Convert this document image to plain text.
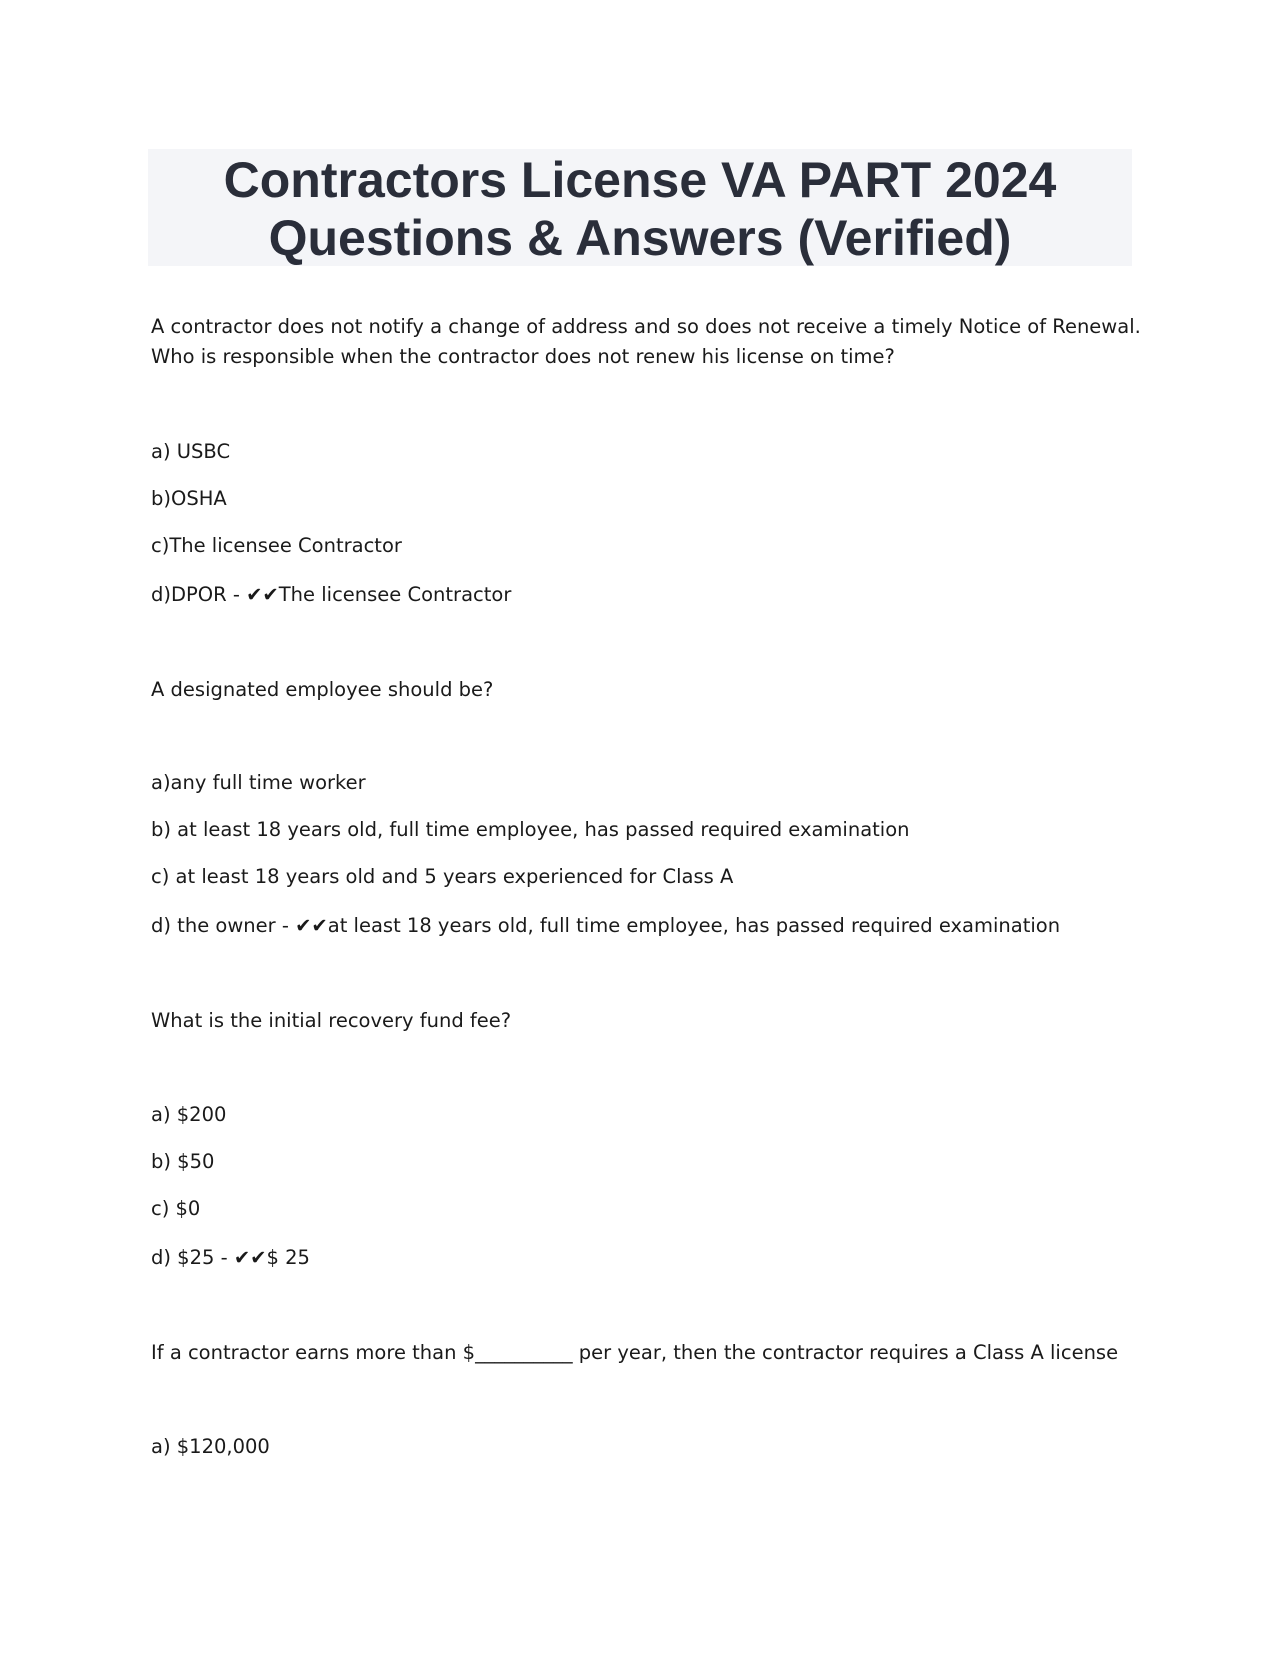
Contractors License VA PART 2024
Questions & Answers (Verified)
A contractor does not notify a change of address and so does not receive a timely Notice of Renewal.
Who is responsible when the contractor does not renew his license on time?
a) USBC
b)OSHA
c)The licensee Contractor
d)DPOR - ✔✔The licensee Contractor
A designated employee should be?
a)any full time worker
b) at least 18 years old, full time employee, has passed required examination
c) at least 18 years old and 5 years experienced for Class A
d) the owner - ✔✔at least 18 years old, full time employee, has passed required examination
What is the initial recovery fund fee?
a) $200
b) $50
c) $0
d) $25 - ✔✔$ 25
If a contractor earns more than $__________ per year, then the contractor requires a Class A license
a) $120,000
